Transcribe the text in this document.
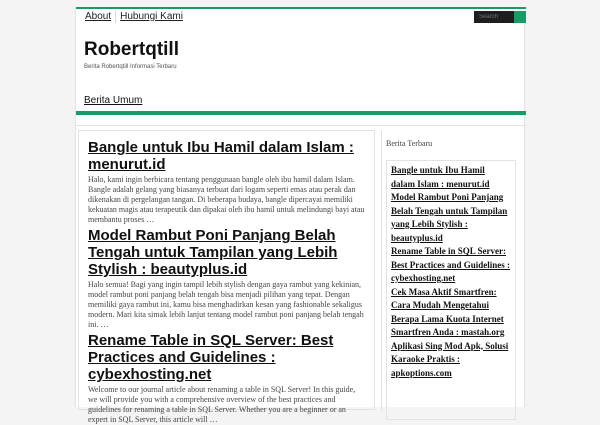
About Hubungi Kami
Search
Robertqtill
Berita Robertqtill Informasi Terbaru
Berita Umum
Bangle untuk Ibu Hamil dalam Islam : menurut.id

Halo, kami ingin berbicara tentang penggunaan bangle oleh ibu hamil dalam Islam. Bangle adalah gelang yang biasanya terbuat dari logam seperti emas atau perak dan dikenakan di pergelangan tangan. Di beberapa budaya, bangle dipercayai memiliki kekuatan magis atau terapeutik dan dipakai oleh ibu hamil untuk melindungi bayi atau membantu proses …

Model Rambut Poni Panjang Belah Tengah untuk Tampilan yang Lebih Stylish : beautyplus.id

Halo semua! Bagi yang ingin tampil lebih stylish dengan gaya rambut yang kekinian, model rambut poni panjang belah tengah bisa menjadi pilihan yang tepat. Dengan memiliki gaya rambut ini, kamu bisa menghadirkan kesan yang fashionable sekaligus modern. Mari kita simak lebih lanjut tentang model rambut poni panjang belah tengah ini. …

Rename Table in SQL Server: Best Practices and Guidelines : cybexhosting.net

Welcome to our journal article about renaming a table in SQL Server! In this guide, we will provide you with a comprehensive overview of the best practices and guidelines for renaming a table in SQL Server. Whether you are a beginner or an expert in SQL Server, this article will …

Berita Terbaru
Bangle untuk Ibu Hamil dalam Islam : menurut.id
Model Rambut Poni Panjang Belah Tengah untuk Tampilan yang Lebih Stylish : beautyplus.id
Rename Table in SQL Server: Best Practices and Guidelines : cybexhosting.net
Cek Masa Aktif Smartfren: Cara Mudah Mengetahui Berapa Lama Kuota Internet Smartfren Anda : mastah.org
Aplikasi Sing Mod Apk, Solusi Karaoke Praktis : apkoptions.com
